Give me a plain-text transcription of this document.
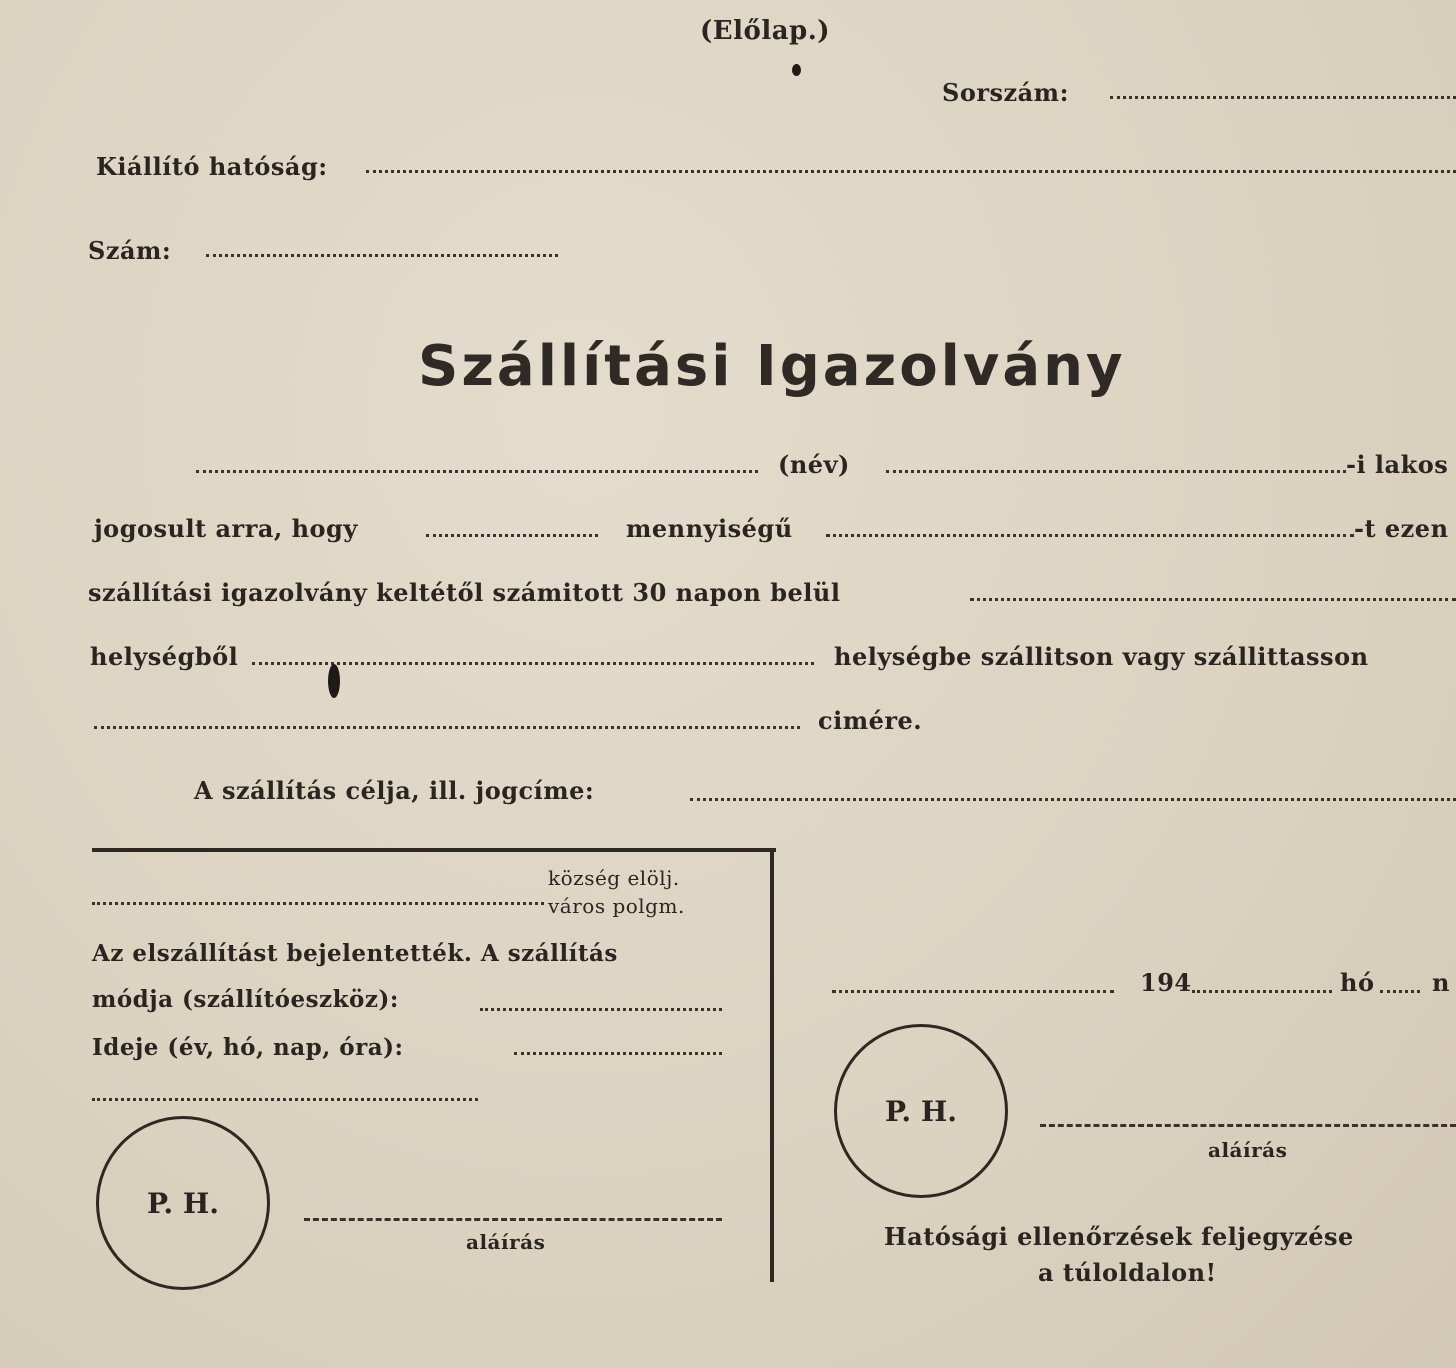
(Előlap.)
Sorszám:
Kiállító hatóság:
Szám:
Szállítási Igazolvány
(név)	-i lakos
jogosult arra, hogy	mennyiségű	-t ezen
szállítási igazolvány keltétől számitott 30 napon belül
helységből	helységbe szállitson vagy szállittasson
cimére.
A szállítás célja, ill. jogcíme:
község elölj.
város polgm.
Az elszállítást bejelentették. A szállítás
módja (szállítóeszköz):
Ideje (év, hó, nap, óra):
P. H.
aláírás
194	hó n
P. H.
aláírás
Hatósági ellenőrzések feljegyzése
a túloldalon!
